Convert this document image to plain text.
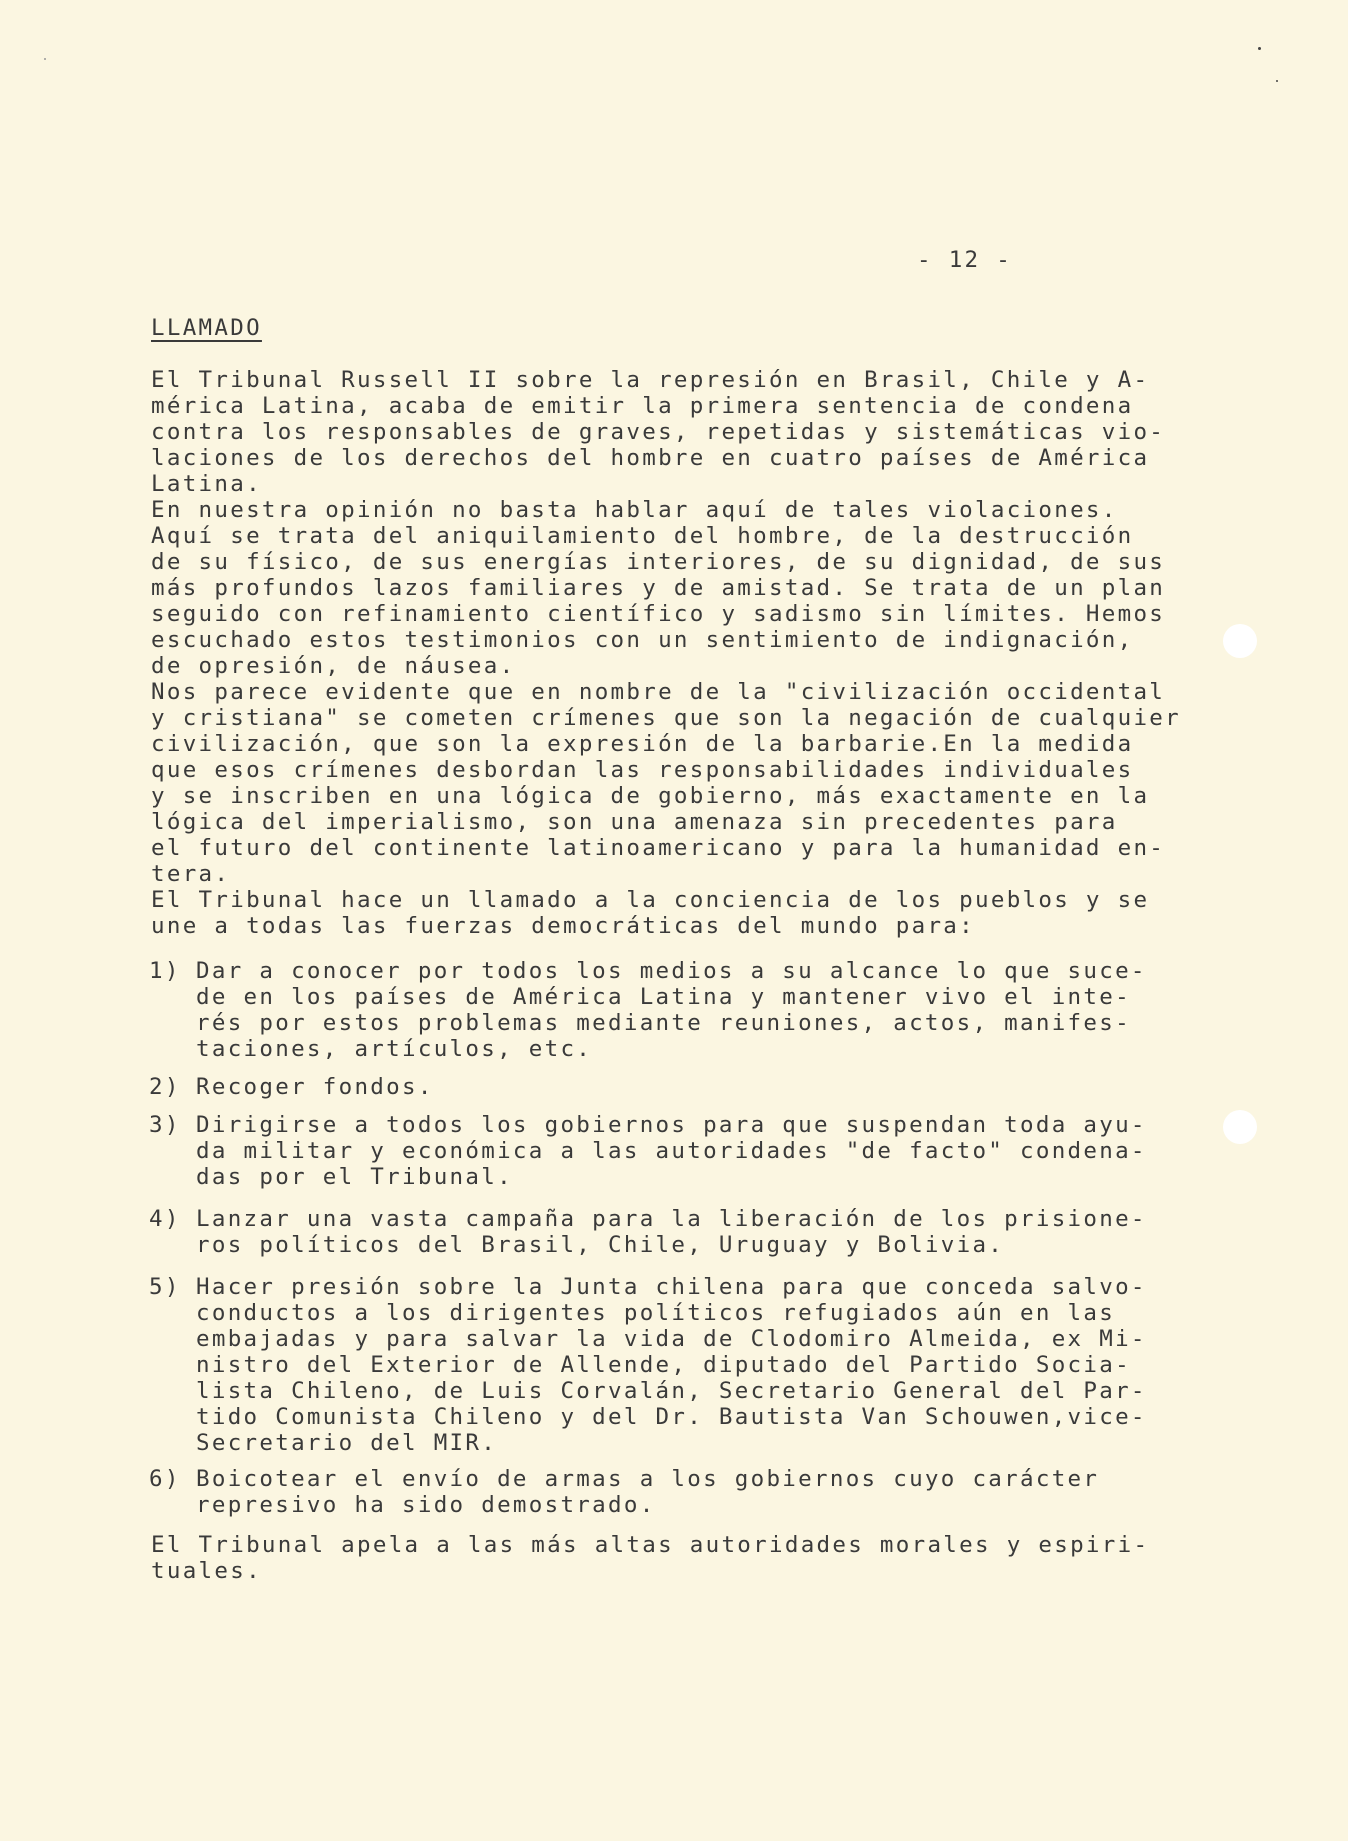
- 12 -
LLAMADO
El Tribunal Russell II sobre la represión en Brasil, Chile y A-
mérica Latina, acaba de emitir la primera sentencia de condena
contra los responsables de graves, repetidas y sistemáticas vio-
laciones de los derechos del hombre en cuatro países de América
Latina.
En nuestra opinión no basta hablar aquí de tales violaciones.
Aquí se trata del aniquilamiento del hombre, de la destrucción
de su físico, de sus energías interiores, de su dignidad, de sus
más profundos lazos familiares y de amistad. Se trata de un plan
seguido con refinamiento científico y sadismo sin límites. Hemos
escuchado estos testimonios con un sentimiento de indignación,
de opresión, de náusea.
Nos parece evidente que en nombre de la "civilización occidental
y cristiana" se cometen crímenes que son la negación de cualquier
civilización, que son la expresión de la barbarie.En la medida
que esos crímenes desbordan las responsabilidades individuales
y se inscriben en una lógica de gobierno, más exactamente en la
lógica del imperialismo, son una amenaza sin precedentes para
el futuro del continente latinoamericano y para la humanidad en-
tera.
El Tribunal hace un llamado a la conciencia de los pueblos y se
une a todas las fuerzas democráticas del mundo para:
1) Dar a conocer por todos los medios a su alcance lo que suce-
de en los países de América Latina y mantener vivo el inte-
rés por estos problemas mediante reuniones, actos, manifes-
taciones, artículos, etc.
2) Recoger fondos.
3) Dirigirse a todos los gobiernos para que suspendan toda ayu-
da militar y económica a las autoridades "de facto" condena-
das por el Tribunal.
4) Lanzar una vasta campaña para la liberación de los prisione-
ros políticos del Brasil, Chile, Uruguay y Bolivia.
5) Hacer presión sobre la Junta chilena para que conceda salvo-
conductos a los dirigentes políticos refugiados aún en las
embajadas y para salvar la vida de Clodomiro Almeida, ex Mi-
nistro del Exterior de Allende, diputado del Partido Socia-
lista Chileno, de Luis Corvalán, Secretario General del Par-
tido Comunista Chileno y del Dr. Bautista Van Schouwen,vice-
Secretario del MIR.
6) Boicotear el envío de armas a los gobiernos cuyo carácter
represivo ha sido demostrado.
El Tribunal apela a las más altas autoridades morales y espiri-
tuales.
